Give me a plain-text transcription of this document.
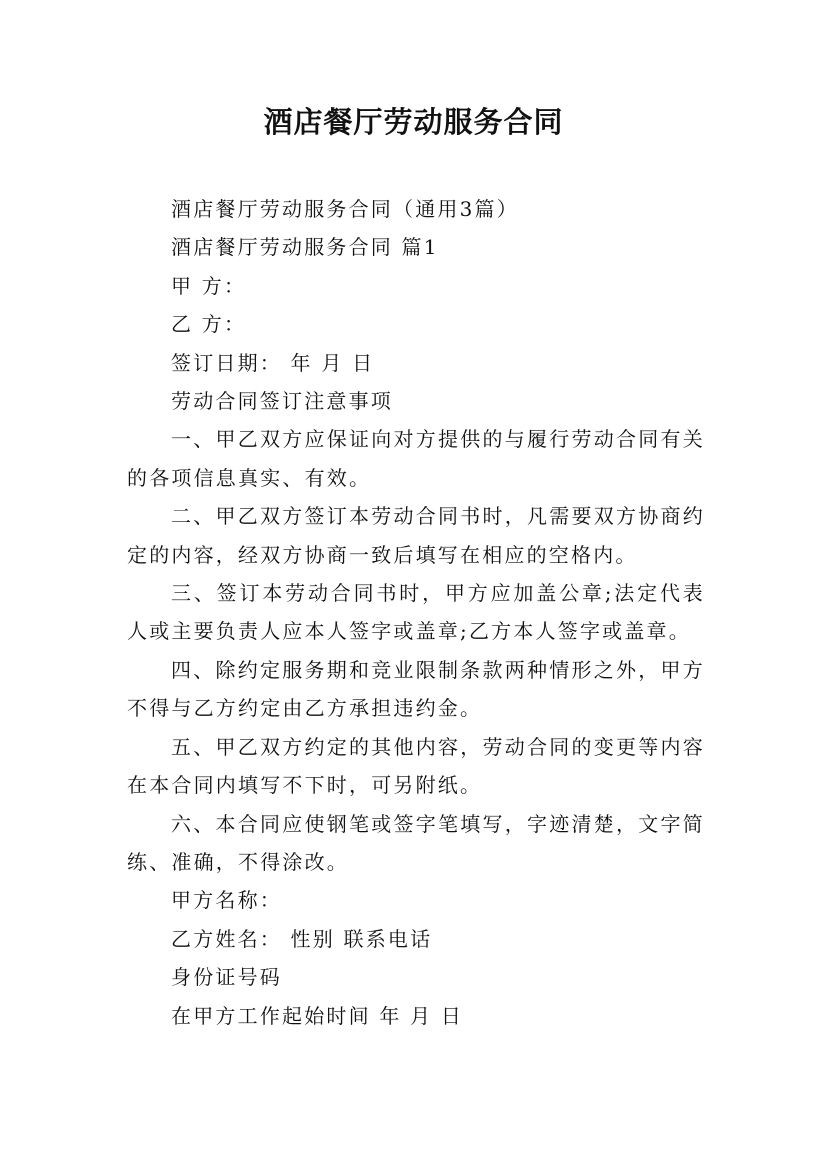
酒店餐厅劳动服务合同

酒店餐厅劳动服务合同（通用3篇）

酒店餐厅劳动服务合同 篇1

甲 方：

乙 方：

签订日期： 年 月 日

劳动合同签订注意事项

一、甲乙双方应保证向对方提供的与履行劳动合同有关的各项信息真实、有效。

二、甲乙双方签订本劳动合同书时，凡需要双方协商约定的内容，经双方协商一致后填写在相应的空格内。

三、签订本劳动合同书时，甲方应加盖公章;法定代表人或主要负责人应本人签字或盖章;乙方本人签字或盖章。

四、除约定服务期和竞业限制条款两种情形之外，甲方不得与乙方约定由乙方承担违约金。

五、甲乙双方约定的其他内容，劳动合同的变更等内容在本合同内填写不下时，可另附纸。

六、本合同应使钢笔或签字笔填写，字迹清楚，文字简练、准确，不得涂改。

甲方名称：

乙方姓名： 性别 联系电话

身份证号码

在甲方工作起始时间 年 月 日
